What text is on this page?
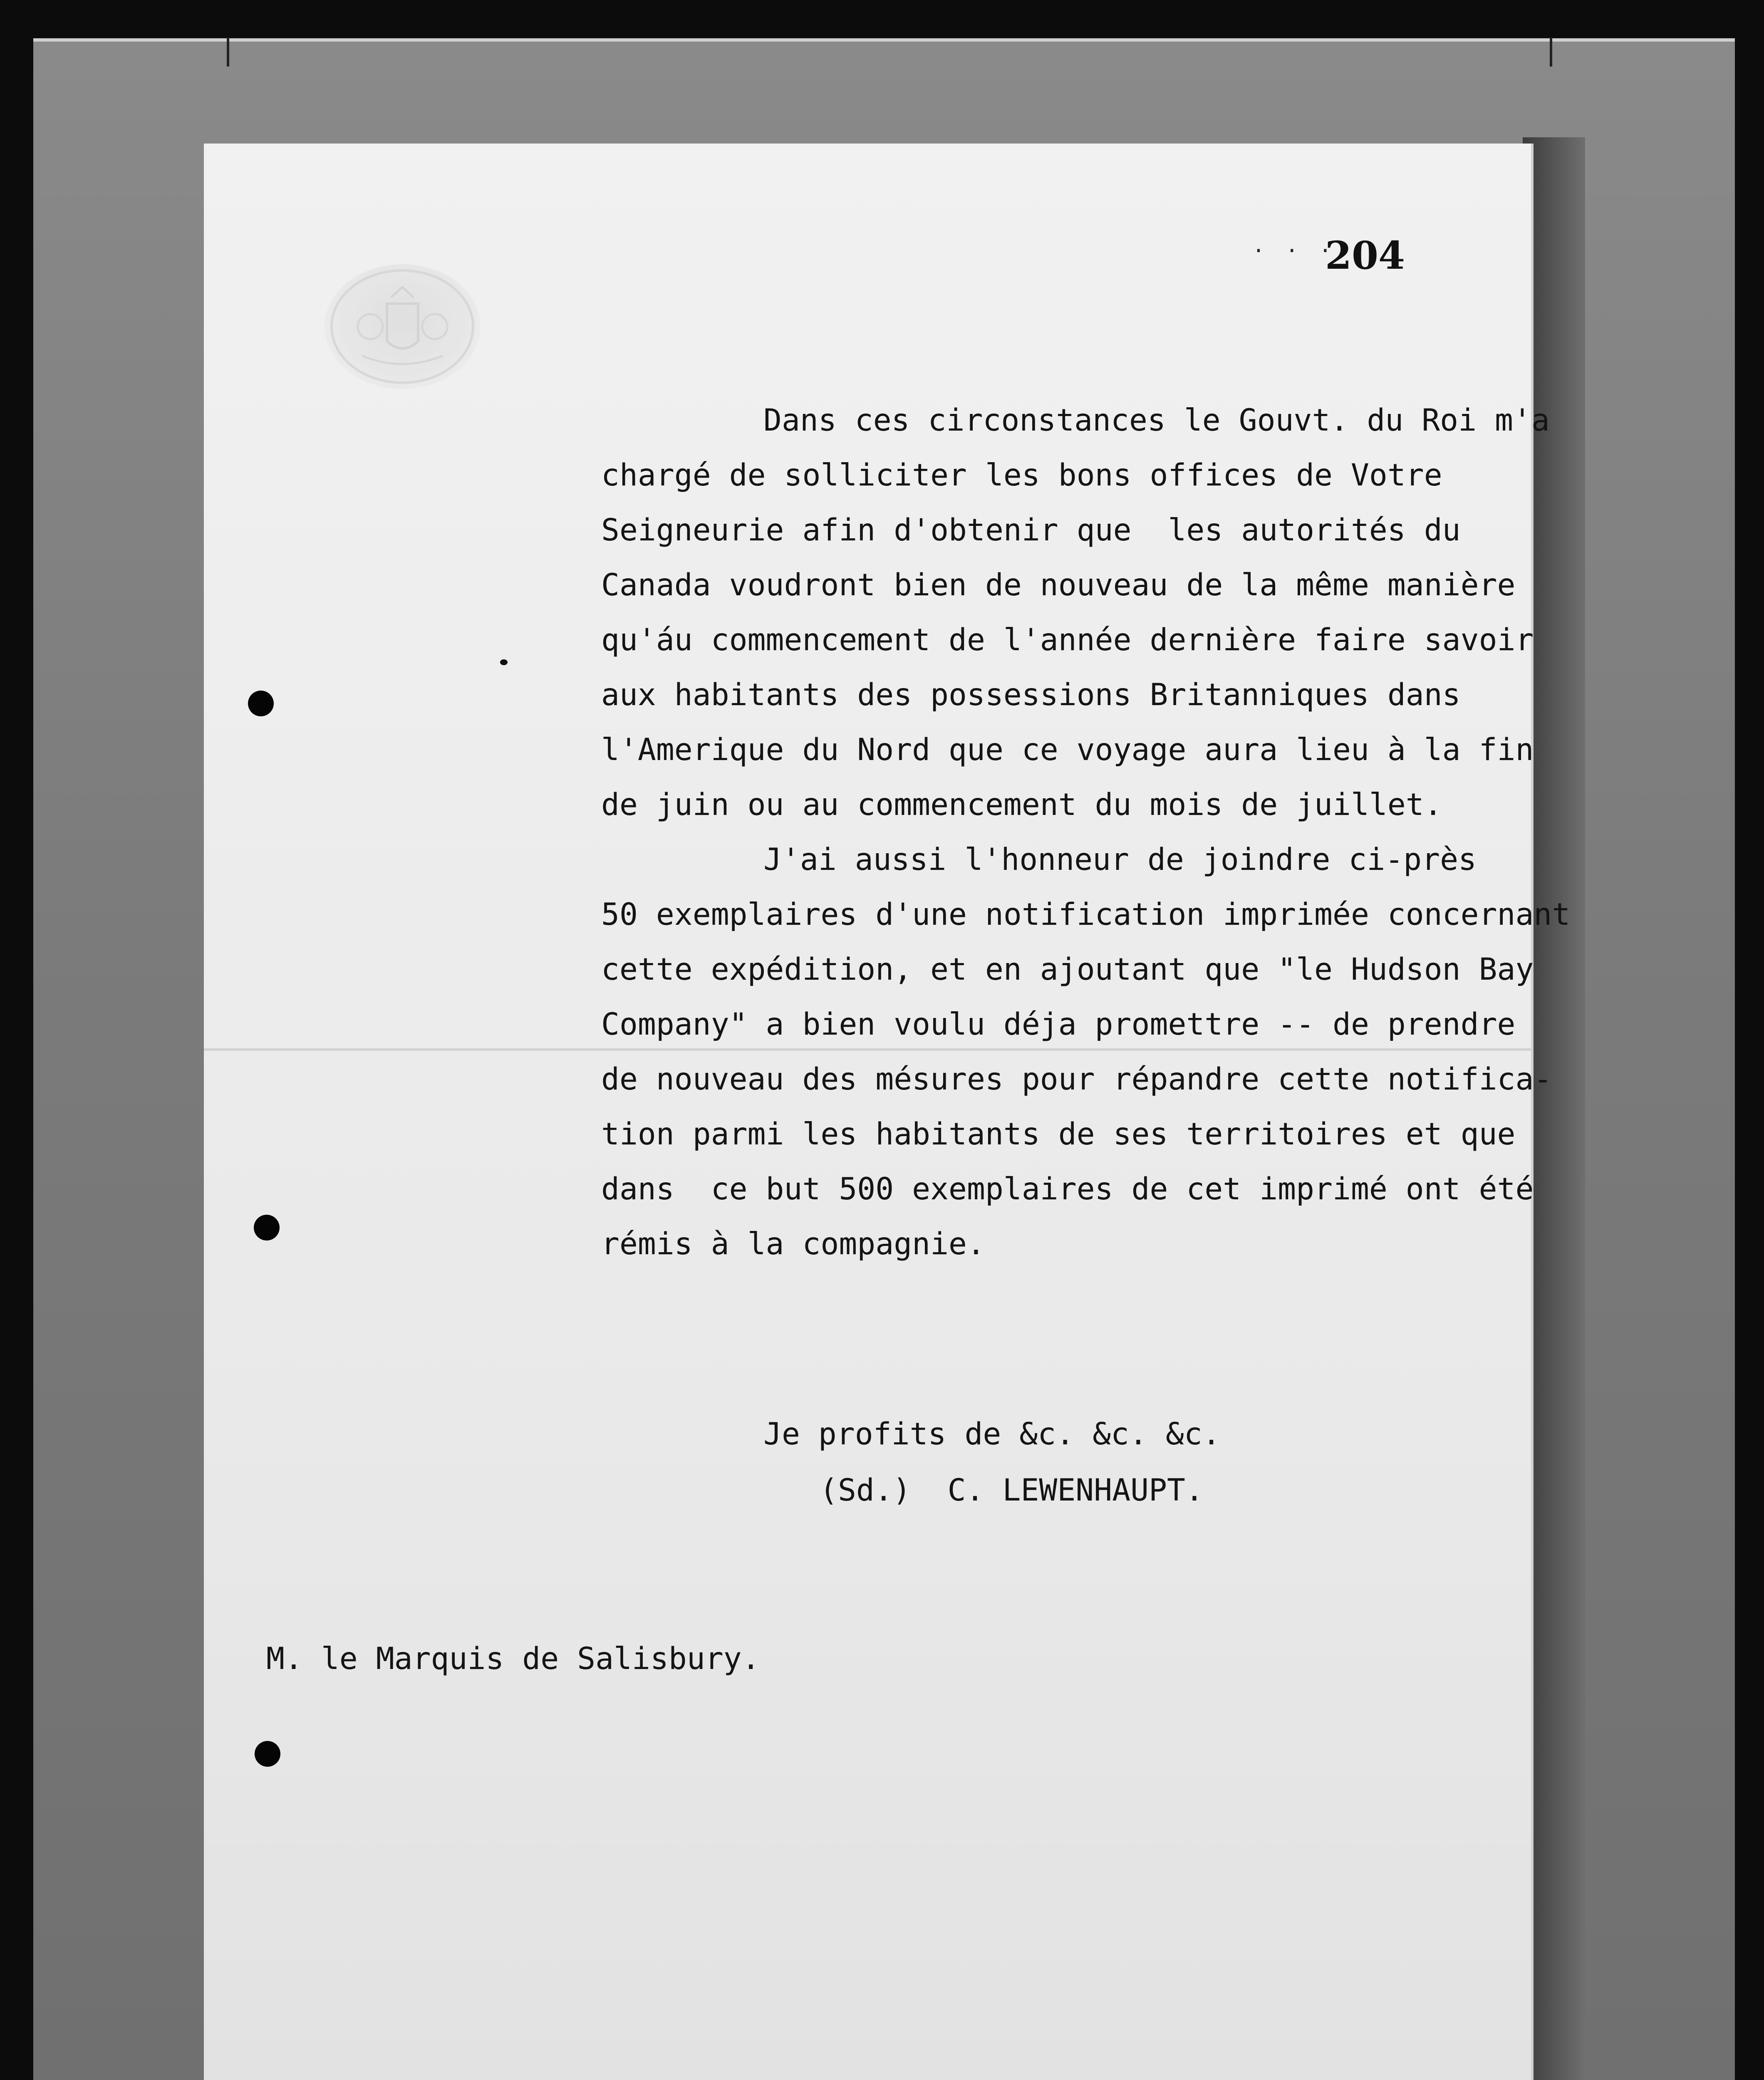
. . .
204
Dans ces circonstances le Gouvt. du Roi m'a
chargé de solliciter les bons offices de Votre
Seigneurie afin d'obtenir que  les autorités du
Canada voudront bien de nouveau de la même manière
qu'áu commencement de l'année dernière faire savoir
aux habitants des possessions Britanniques dans
l'Amerique du Nord que ce voyage aura lieu à la fin
de juin ou au commencement du mois de juillet.
J'ai aussi l'honneur de joindre ci-près
50 exemplaires d'une notification imprimée concernant
cette expédition, et en ajoutant que "le Hudson Bay
Company" a bien voulu déja promettre -- de prendre
de nouveau des mésures pour répandre cette notifica-
tion parmi les habitants de ses territoires et que
dans  ce but 500 exemplaires de cet imprimé ont été
rémis à la compagnie.
Je profits de &c. &c. &c.
(Sd.)  C. LEWENHAUPT.
M. le Marquis de Salisbury.
